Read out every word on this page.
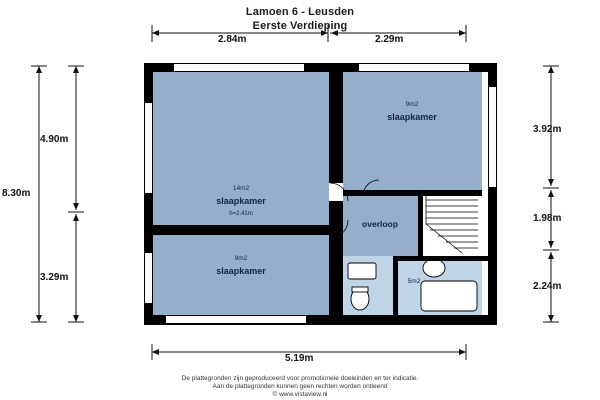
Lamoen 6 - Leusden
Eerste Verdieping
14m2
slaapkamer
h=2.41m
9m2
slaapkamer
9m2
slaapkamer
overloop
5m2
2.84m	2.29m
5.19m
8.30m
4.90m
3.29m
3.92m
1.98m
2.24m
De plattegronden zijn geproduceerd voor promotionele doeleinden en ter indicatie.
Aan de plattegronden kunnen geen rechten worden ontleend
© www.vistaview.nl
